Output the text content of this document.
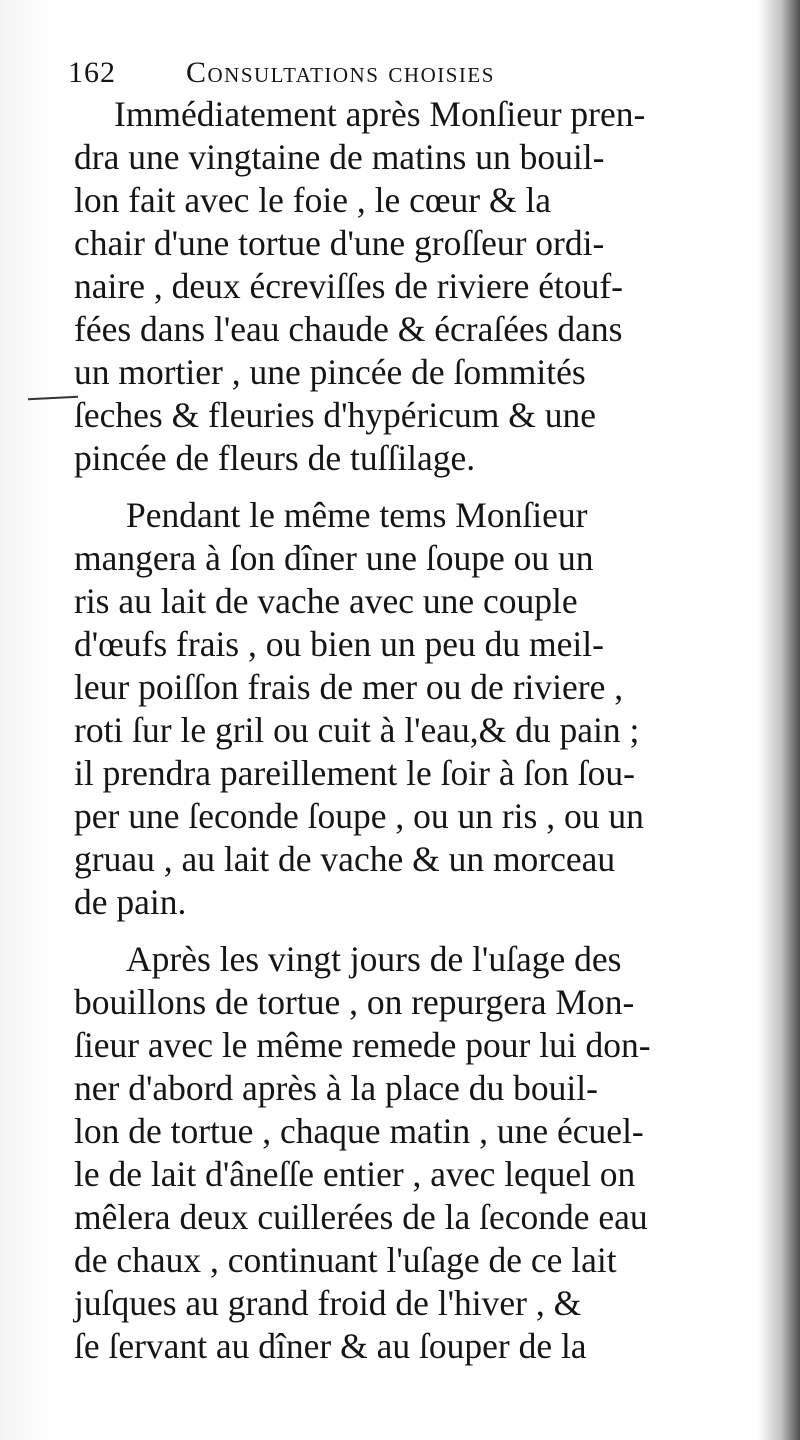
162 Consultations choisies
Immédiatement après Monſieur pren-
dra une vingtaine de matins un bouil-
lon fait avec le foie , le cœur & la
chair d'une tortue d'une groſſeur ordi-
naire , deux écreviſſes de riviere étouf-
fées dans l'eau chaude & écraſées dans
un mortier , une pincée de ſommités
ſeches & fleuries d'hypéricum & une
pincée de fleurs de tuſſilage.
Pendant le même tems Monſieur
mangera à ſon dîner une ſoupe ou un
ris au lait de vache avec une couple
d'œufs frais , ou bien un peu du meil-
leur poiſſon frais de mer ou de riviere ,
roti ſur le gril ou cuit à l'eau,& du pain ;
il prendra pareillement le ſoir à ſon ſou-
per une ſeconde ſoupe , ou un ris , ou un
gruau , au lait de vache & un morceau
de pain.
Après les vingt jours de l'uſage des
bouillons de tortue , on repurgera Mon-
ſieur avec le même remede pour lui don-
ner d'abord après à la place du bouil-
lon de tortue , chaque matin , une écuel-
le de lait d'âneſſe entier , avec lequel on
mêlera deux cuillerées de la ſeconde eau
de chaux , continuant l'uſage de ce lait
juſques au grand froid de l'hiver , &
ſe ſervant au dîner & au ſouper de la
